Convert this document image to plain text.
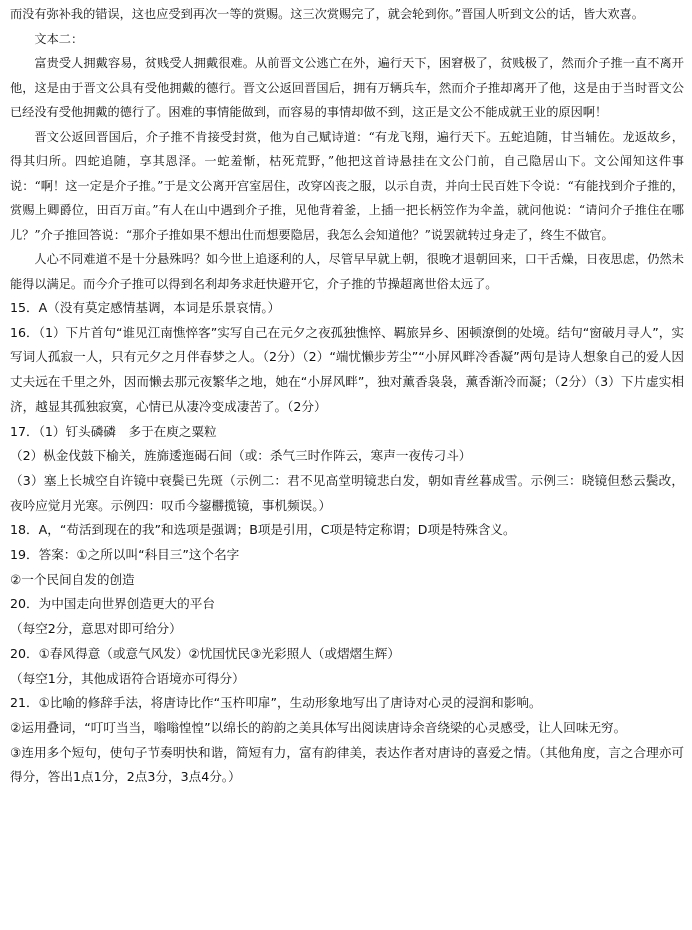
而没有弥补我的错误，这也应受到再次一等的赏赐。这三次赏赐完了，就会轮到你。”晋国人听到文公的话，皆大欢喜。

文本二：

富贵受人拥戴容易，贫贱受人拥戴很难。从前晋文公逃亡在外，遍行天下，困窘极了，贫贱极了，然而介子推一直不离开他，这是由于晋文公具有受他拥戴的德行。晋文公返回晋国后，拥有万辆兵车，然而介子推却离开了他，这是由于当时晋文公已经没有受他拥戴的德行了。困难的事情能做到，而容易的事情却做不到，这正是文公不能成就王业的原因啊！

晋文公返回晋国后，介子推不肯接受封赏，他为自己赋诗道：“有龙飞翔，遍行天下。五蛇追随，甘当辅佐。龙返故乡，得其归所。四蛇追随，享其恩泽。一蛇羞惭，枯死荒野，”他把这首诗悬挂在文公门前，自己隐居山下。文公闻知这件事说：“啊！这一定是介子推。”于是文公离开宫室居住，改穿凶丧之服，以示自责，并向士民百姓下令说：“有能找到介子推的，赏赐上卿爵位，田百万亩。”有人在山中遇到介子推，见他背着釜，上插一把长柄笠作为伞盖，就问他说：“请问介子推住在哪儿？”介子推回答说：“那介子推如果不想出仕而想要隐居，我怎么会知道他？”说罢就转过身走了，终生不做官。

人心不同难道不是十分悬殊吗？如今世上追逐利的人，尽管早早就上朝，很晚才退朝回来，口干舌燥，日夜思虑，仍然未能得以满足。而今介子推可以得到名利却务求赶快避开它，介子推的节操超离世俗太远了。

15．A（没有莫定感情基调，本词是乐景哀情。）

16．（1）下片首句“谁见江南憔悴客”实写自己在元夕之夜孤独憔悴、羁旅异乡、困顿潦倒的处境。结句“窗破月寻人”，实写词人孤寂一人，只有元夕之月伴春梦之人。（2分）（2）“端忧懒步芳尘”“小屏风畔冷香凝”两句是诗人想象自己的爱人因丈夫远在千里之外，因而懒去那元夜繁华之地，她在“小屏风畔”，独对薰香袅袅，薰香渐冷而凝；（2分）（3）下片虚实相济，越显其孤独寂寞，心情已从凄冷变成凄苦了。（2分）

17．（1）钉头磷磷　多于在庾之粟粒

（2）枞金伐鼓下榆关，旌旆逶迤碣石间（或：杀气三时作阵云，寒声一夜传刁斗）

（3）塞上长城空自许镜中衰鬓已先斑（示例二：君不见高堂明镜悲白发，朝如青丝暮成雪。示例三：晓镜但愁云鬓改，夜吟应觉月光寒。示例四：叹币今鋆橳揽镜，事机频误。）

18．A，“苟活到现在的我”和选项是强调；B项是引用，C项是特定称谓；D项是特殊含义。

19．答案：①之所以叫“科目三”这个名字

②一个民间自发的创造

20．为中国走向世界创造更大的平台

（每空2分，意思对即可给分）

20．①春风得意（或意气风发）②忧国忧民③光彩照人（或熠熠生辉）

（每空1分，其他成语符合语境亦可得分）

21．①比喻的修辞手法，将唐诗比作“玉杵叩扉”，生动形象地写出了唐诗对心灵的浸润和影响。

②运用叠词，“叮叮当当，嗡嗡惶惶”以绵长的韵韵之美具体写出阅读唐诗余音绕梁的心灵感受，让人回味无穷。

③连用多个短句，使句子节奏明快和谐，简短有力，富有韵律美，表达作者对唐诗的喜爱之情。（其他角度，言之合理亦可得分，答出1点1分，2点3分，3点4分。）
